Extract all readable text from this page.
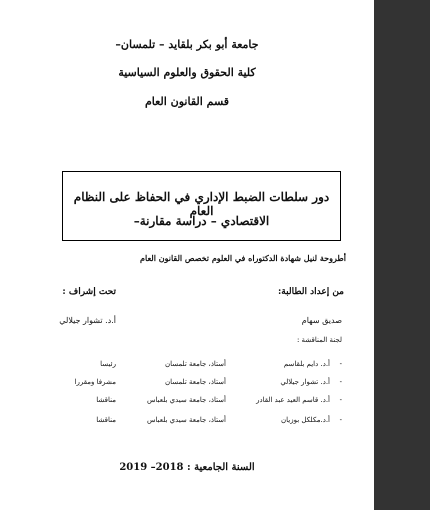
جامعة أبو بكر بلقايد – تلمسان–
كلية الحقوق والعلوم السياسية
قسم القانون العام
دور سلطات الضبط الإداري في الحفاظ على النظام العام
الاقتصادي – دراسة مقارنة–
أطروحة لنيل شهادة الدكتوراه في العلوم تخصص القانون العام
من إعداد الطالبة:
تحت إشراف :
صديق سهام
أ.د. تشوار جيلالي
لجنة المناقشة :
-
أ.د. دايم بلقاسم
أستاذ، جامعة تلمسان
رئيسا
-
أ.د. تشوار جيلالي
أستاذ، جامعة تلمسان
مشرفا ومقررا
-
أ.د. قاسم العيد عبد القادر
أستاذ، جامعة سيدي بلعباس
مناقشا
-
أ.د.مكلكل بوزيان
أستاذ، جامعة سيدي بلعباس
مناقشا
السنة الجامعية : 2018– 2019
